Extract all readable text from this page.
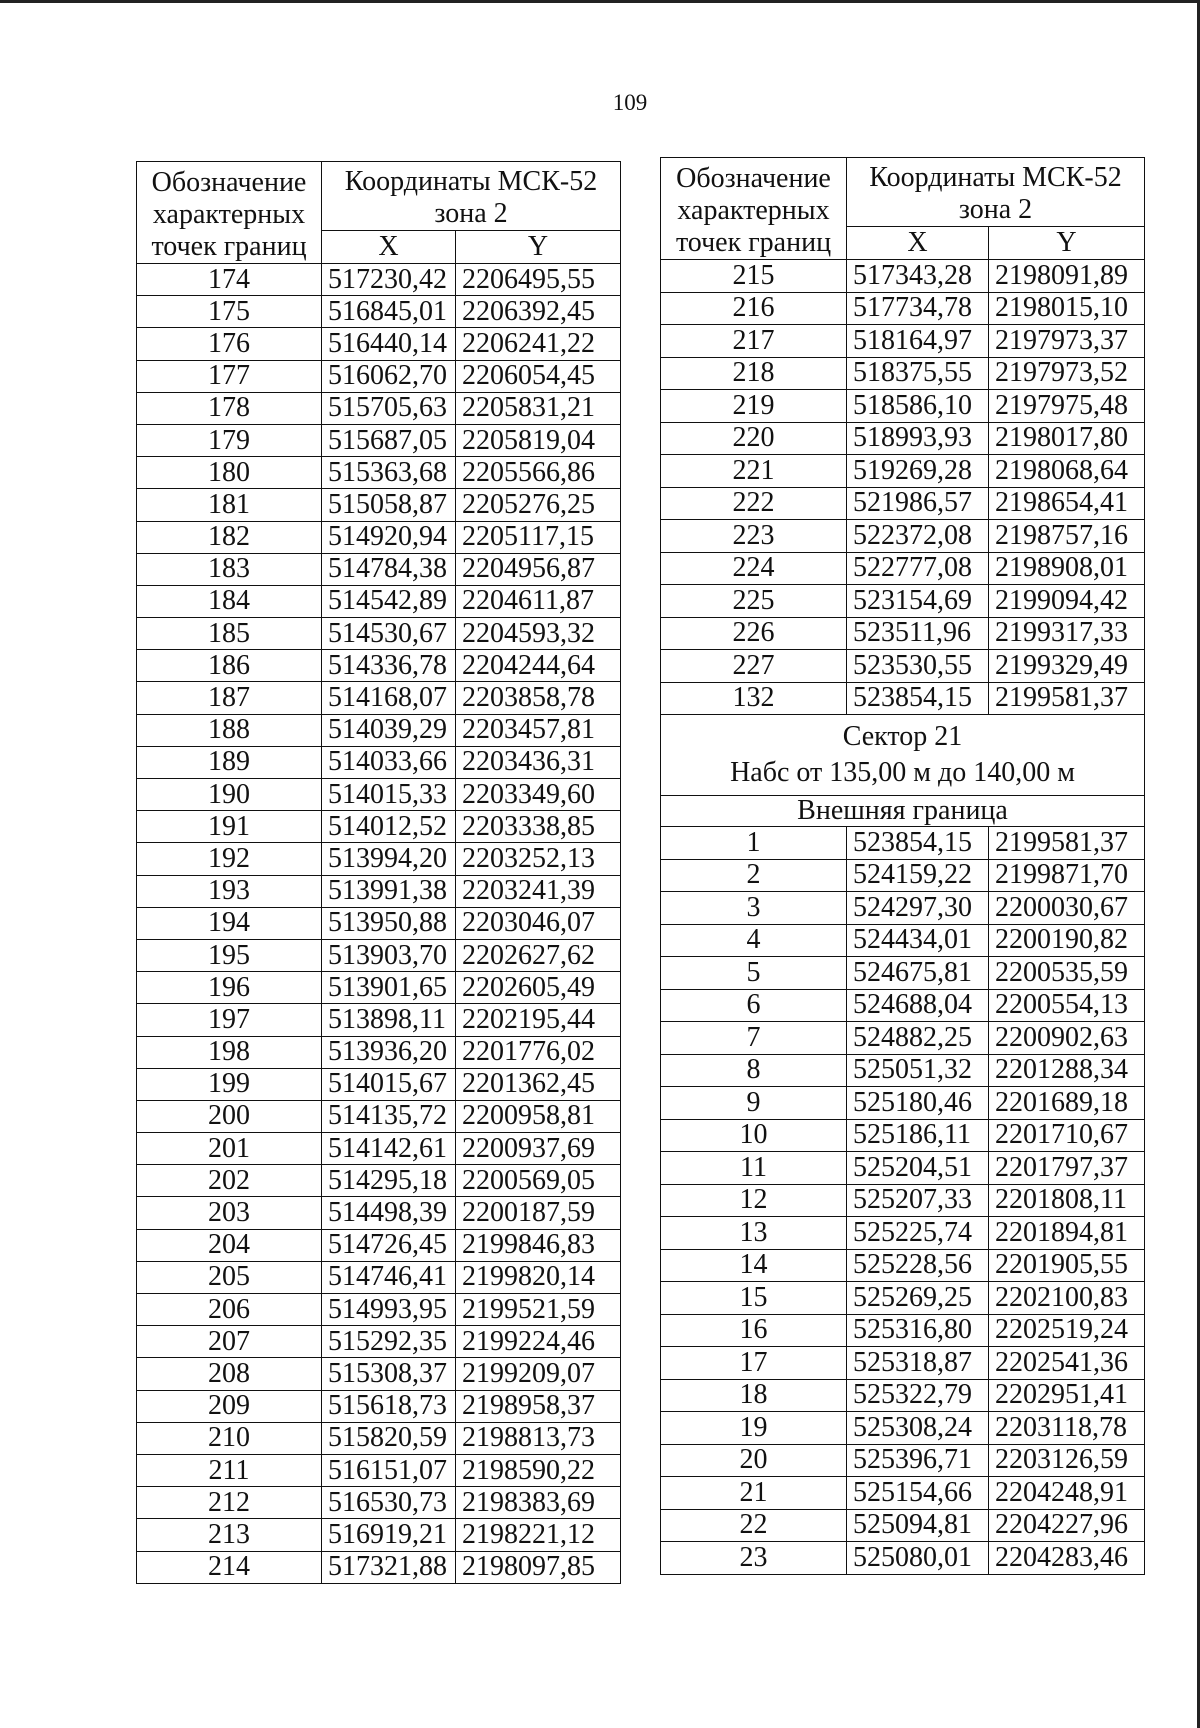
109
Обозначение характерных точек границ	Координаты МСК-52 зона 2	
	X	Y
174	517230,42	2206495,55
175	516845,01	2206392,45
176	516440,14	2206241,22
177	516062,70	2206054,45
178	515705,63	2205831,21
179	515687,05	2205819,04
180	515363,68	2205566,86
181	515058,87	2205276,25
182	514920,94	2205117,15
183	514784,38	2204956,87
184	514542,89	2204611,87
185	514530,67	2204593,32
186	514336,78	2204244,64
187	514168,07	2203858,78
188	514039,29	2203457,81
189	514033,66	2203436,31
190	514015,33	2203349,60
191	514012,52	2203338,85
192	513994,20	2203252,13
193	513991,38	2203241,39
194	513950,88	2203046,07
195	513903,70	2202627,62
196	513901,65	2202605,49
197	513898,11	2202195,44
198	513936,20	2201776,02
199	514015,67	2201362,45
200	514135,72	2200958,81
201	514142,61	2200937,69
202	514295,18	2200569,05
203	514498,39	2200187,59
204	514726,45	2199846,83
205	514746,41	2199820,14
206	514993,95	2199521,59
207	515292,35	2199224,46
208	515308,37	2199209,07
209	515618,73	2198958,37
210	515820,59	2198813,73
211	516151,07	2198590,22
212	516530,73	2198383,69
213	516919,21	2198221,12
214	517321,88	2198097,85
Обозначение характерных точек границ	Координаты МСК-52 зона 2	
	X	Y
215	517343,28	2198091,89
216	517734,78	2198015,10
217	518164,97	2197973,37
218	518375,55	2197973,52
219	518586,10	2197975,48
220	518993,93	2198017,80
221	519269,28	2198068,64
222	521986,57	2198654,41
223	522372,08	2198757,16
224	522777,08	2198908,01
225	523154,69	2199094,42
226	523511,96	2199317,33
227	523530,55	2199329,49
132	523854,15	2199581,37

Сектор 21
Набс от 135,00 м до 140,00 м		

Внешняя граница		
1	523854,15	2199581,37
2	524159,22	2199871,70
3	524297,30	2200030,67
4	524434,01	2200190,82
5	524675,81	2200535,59
6	524688,04	2200554,13
7	524882,25	2200902,63
8	525051,32	2201288,34
9	525180,46	2201689,18
10	525186,11	2201710,67
11	525204,51	2201797,37
12	525207,33	2201808,11
13	525225,74	2201894,81
14	525228,56	2201905,55
15	525269,25	2202100,83
16	525316,80	2202519,24
17	525318,87	2202541,36
18	525322,79	2202951,41
19	525308,24	2203118,78
20	525396,71	2203126,59
21	525154,66	2204248,91
22	525094,81	2204227,96
23	525080,01	2204283,46
